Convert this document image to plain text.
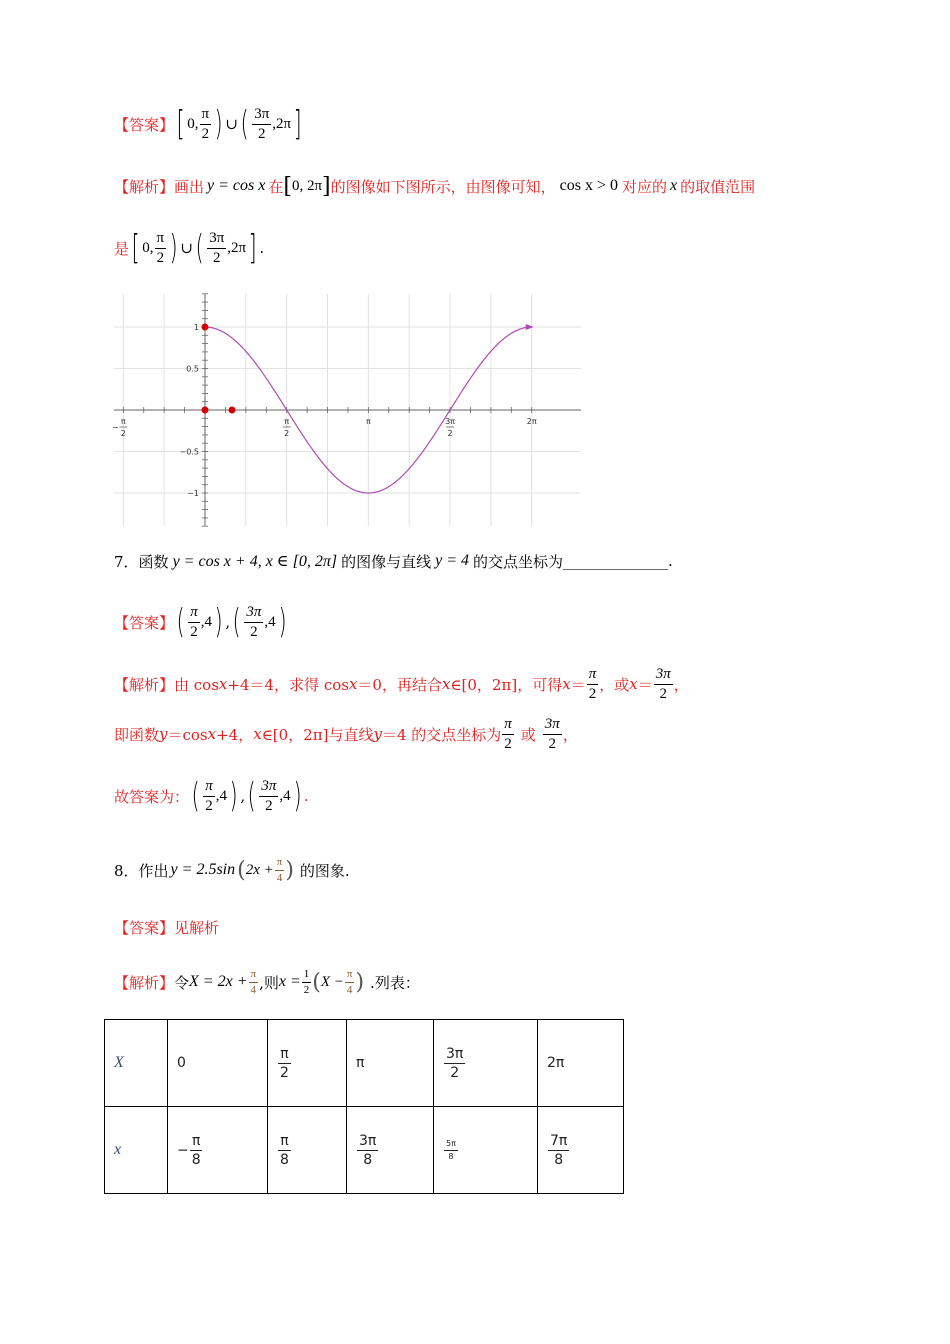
【答案】 [ 0, $\frac{\pi}{2}$ ) ∪ ( $\frac{3\pi}{2} ,2\pi$ ]
【解析】 画出 y = cos x 在 [ 0, 2π ] 的图像如下图所示，由图像可知， cos x > 0 对应的 x 的取值范围
是 [ 0, $\frac{\pi}{2}$ ) ∪ ( $\frac{3\pi}{2} ,2\pi$ ] .
π
2
−
π
2
π	3π
2
2π
1
0.5
−0.5
−1
7． 函数 y = cos x + 4, x ∈ [0, 2π] 的图像与直线 y = 4 的交点坐标为 ______________ .
【答案】 ( $\frac{\pi}{2} ,4$ ) , ( $\frac{3\pi}{2} ,4$ )
【解析】 由 cos x +4＝4，求得 cos x ＝0，再结合 x ∈[0，2π]，可得 $x = \frac{\pi}{2}$ ，或 $x = \frac{3\pi}{2}$ ，
即函数 y ＝cos x +4， x ∈[0，2π]与直线 y ＝4 的交点坐标为 $\frac{\pi}{2}$ 或 $\frac{3\pi}{2}$ ，
故答案为： ( $\frac{\pi}{2} ,4$ ) , ( $\frac{3\pi}{2} ,4$ ) .
8．作出 y = 2.5sin ( $2x + \frac{\pi}{4}$ ) 的图象.
【答案】 见解析
【解析】 令 $X = 2x + \frac{\pi}{4}$ ,则 $x = \frac{1}{2}$ ( $X - \frac{\pi}{4}$ ) .列表：
X	0	$\frac{\pi}{2}$	π	$\frac{3\pi}{2}$	2π
x	− $\frac{\pi}{8}$	$\frac{\pi}{8}$	$\frac{3\pi}{8}$	$\frac{5\pi}{8}$	$\frac{7\pi}{8}$
